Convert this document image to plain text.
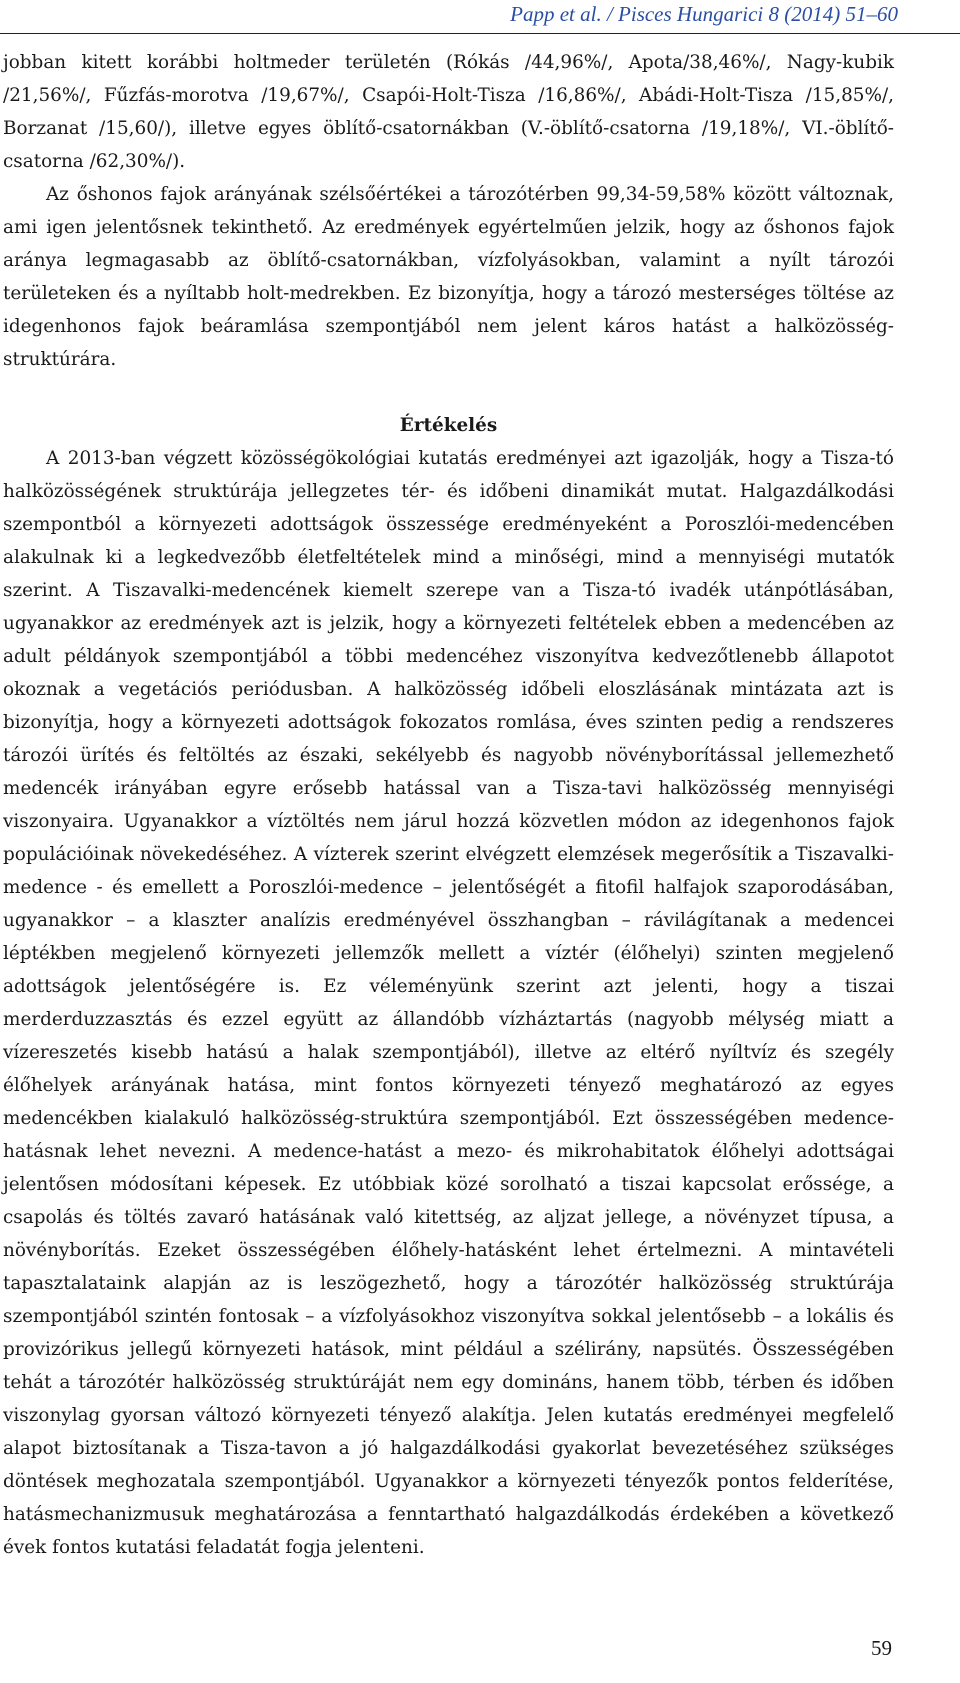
Papp et al. / Pisces Hungarici 8 (2014) 51–60

jobban kitett korábbi holtmeder területén (Rókás /44,96%/, Apota/38,46%/, Nagy-kubik /21,56%/, Fűzfás-morotva /19,67%/, Csapói-Holt-Tisza /16,86%/, Abádi-Holt-Tisza /15,85%/, Borzanat /15,60/), illetve egyes öblítő-csatornákban (V.-öblítő-csatorna /19,18%/, VI.-öblítő-csatorna /62,30%/).

Az őshonos fajok arányának szélsőértékei a tározótérben 99,34-59,58% között változnak, ami igen jelentősnek tekinthető. Az eredmények egyértelműen jelzik, hogy az őshonos fajok aránya legmagasabb az öblítő-csatornákban, vízfolyásokban, valamint a nyílt tározói területeken és a nyíltabb holt-medrekben. Ez bizonyítja, hogy a tározó mesterséges töltése az idegenhonos fajok beáramlása szempontjából nem jelent káros hatást a halközösség-struktúrára.

Értékelés

A 2013-ban végzett közösségökológiai kutatás eredményei azt igazolják, hogy a Tisza-tó halközösségének struktúrája jellegzetes tér- és időbeni dinamikát mutat. Halgazdálkodási szempontból a környezeti adottságok összessége eredményeként a Poroszlói-medencében alakulnak ki a legkedvezőbb életfeltételek mind a minőségi, mind a mennyiségi mutatók szerint. A Tiszavalki-medencének kiemelt szerepe van a Tisza-tó ivadék utánpótlásában, ugyanakkor az eredmények azt is jelzik, hogy a környezeti feltételek ebben a medencében az adult példányok szempontjából a többi medencéhez viszonyítva kedvezőtlenebb állapotot okoznak a vegetációs periódusban. A halközösség időbeli eloszlásának mintázata azt is bizonyítja, hogy a környezeti adottságok fokozatos romlása, éves szinten pedig a rendszeres tározói ürítés és feltöltés az északi, sekélyebb és nagyobb növényborítással jellemezhető medencék irányában egyre erősebb hatással van a Tisza-tavi halközösség mennyiségi viszonyaira. Ugyanakkor a víztöltés nem járul hozzá közvetlen módon az idegenhonos fajok populációinak növekedéséhez. A vízterek szerint elvégzett elemzések megerősítik a Tiszavalki-medence - és emellett a Poroszlói-medence – jelentőségét a fitofil halfajok szaporodásában, ugyanakkor – a klaszter analízis eredményével összhangban – rávilágítanak a medencei léptékben megjelenő környezeti jellemzők mellett a víztér (élőhelyi) szinten megjelenő adottságok jelentőségére is. Ez véleményünk szerint azt jelenti, hogy a tiszai merderduzzasztás és ezzel együtt az állandóbb vízháztartás (nagyobb mélység miatt a vízereszetés kisebb hatású a halak szempontjából), illetve az eltérő nyíltvíz és szegély élőhelyek arányának hatása, mint fontos környezeti tényező meghatározó az egyes medencékben kialakuló halközösség-struktúra szempontjából. Ezt összességében medence-hatásnak lehet nevezni. A medence-hatást a mezo- és mikrohabitatok élőhelyi adottságai jelentősen módosítani képesek. Ez utóbbiak közé sorolható a tiszai kapcsolat erőssége, a csapolás és töltés zavaró hatásának való kitettség, az aljzat jellege, a növényzet típusa, a növényborítás. Ezeket összességében élőhely-hatásként lehet értelmezni. A mintavételi tapasztalataink alapján az is leszögezhető, hogy a tározótér halközösség struktúrája szempontjából szintén fontosak – a vízfolyásokhoz viszonyítva sokkal jelentősebb – a lokális és provizórikus jellegű környezeti hatások, mint például a szélirány, napsütés. Összességében tehát a tározótér halközösség struktúráját nem egy domináns, hanem több, térben és időben viszonylag gyorsan változó környezeti tényező alakítja. Jelen kutatás eredményei megfelelő alapot biztosítanak a Tisza-tavon a jó halgazdálkodási gyakorlat bevezetéséhez szükséges döntések meghozatala szempontjából. Ugyanakkor a környezeti tényezők pontos felderítése, hatásmechanizmusuk meghatározása a fenntartható halgazdálkodás érdekében a következő évek fontos kutatási feladatát fogja jelenteni.

59
